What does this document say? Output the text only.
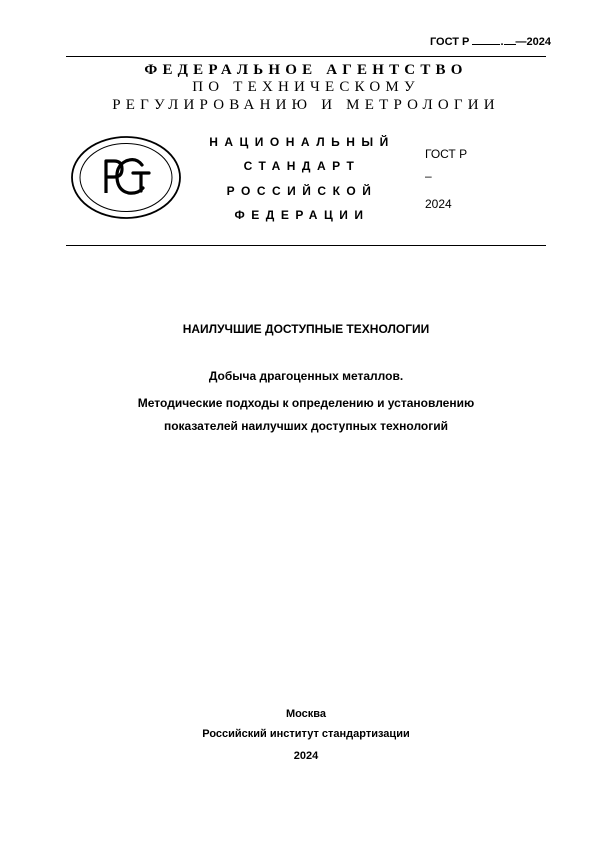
ГОСТ Р	. —2024
ФЕДЕРАЛЬНОЕ АГЕНТСТВО
ПО ТЕХНИЧЕСКОМУ
РЕГУЛИРОВАНИЮ И МЕТРОЛОГИИ
НАЦИОНАЛЬНЫЙ
СТАНДАРТ
РОССИЙСКОЙ
ФЕДЕРАЦИИ
ГОСТ Р
–
2024
НАИЛУЧШИЕ ДОСТУПНЫЕ ТЕХНОЛОГИИ
Добыча драгоценных металлов.
Методические подходы к определению и установлению
показателей наилучших доступных технологий
Москва
Российский институт стандартизации
2024
